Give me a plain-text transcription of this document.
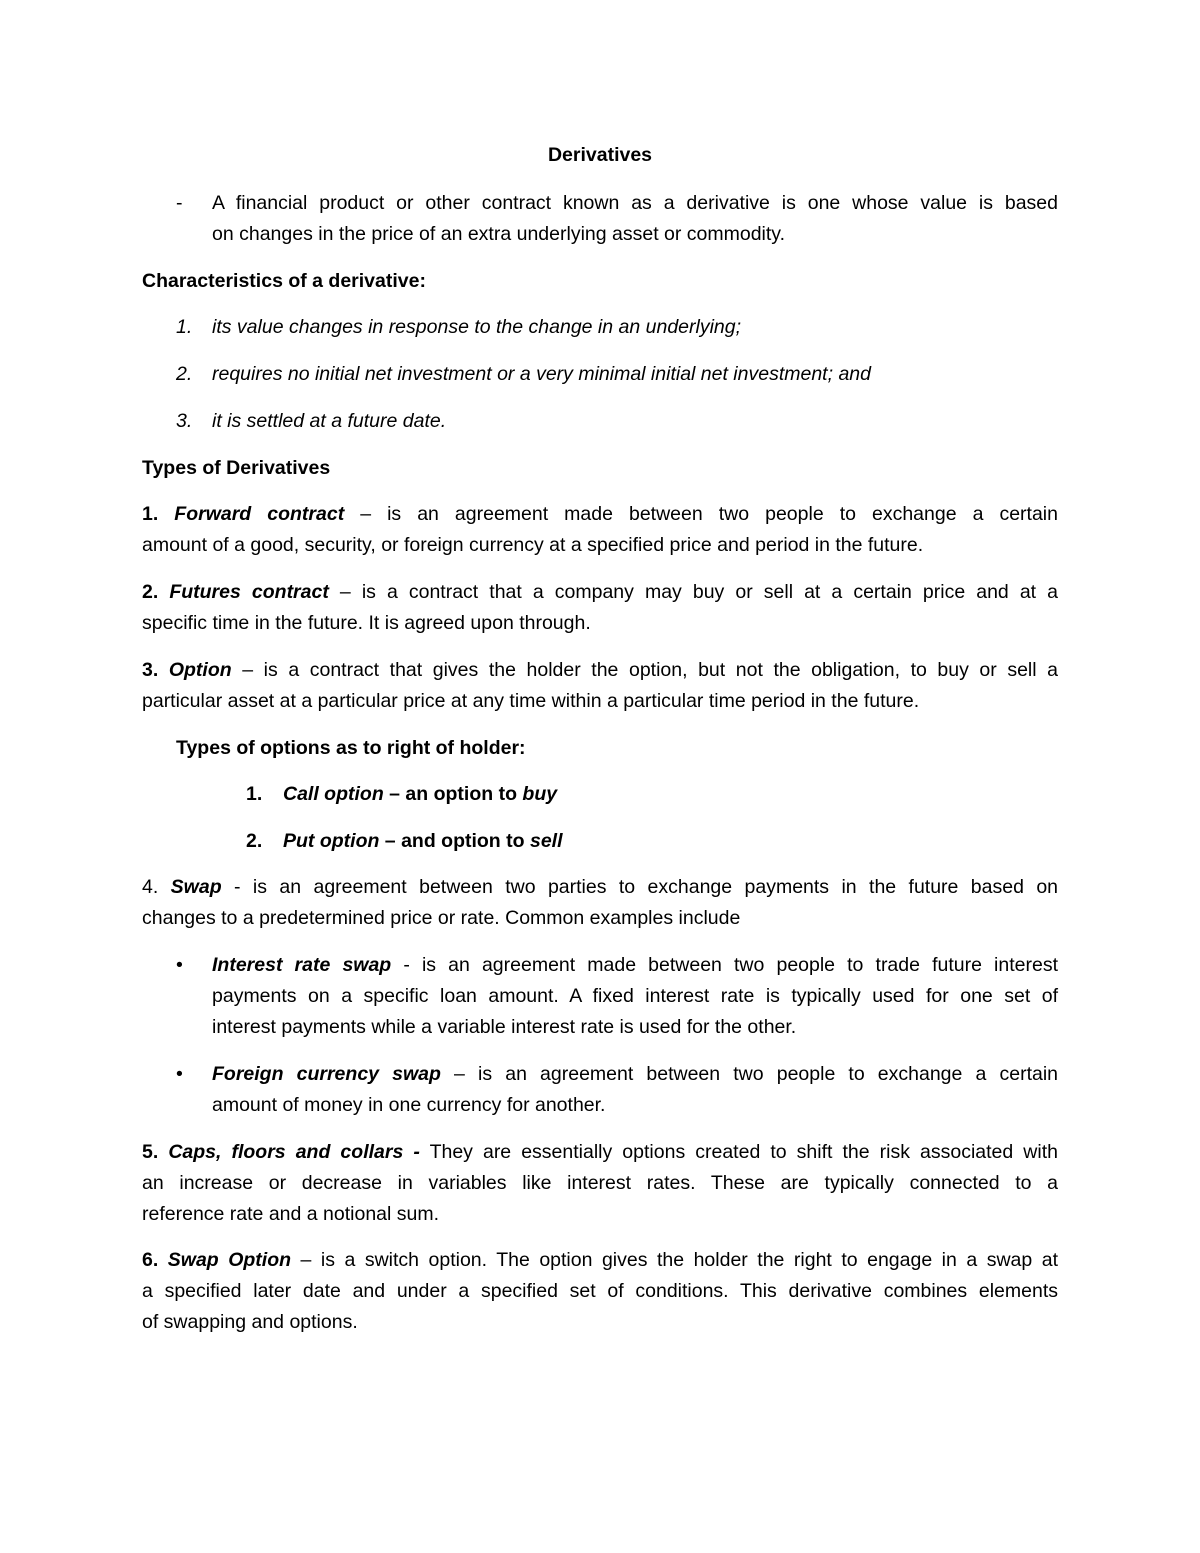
Derivatives
- A financial product or other contract known as a derivative is one whose value is based
on changes in the price of an extra underlying asset or commodity.
Characteristics of a derivative:
1. its value changes in response to the change in an underlying;
2. requires no initial net investment or a very minimal initial net investment; and
3. it is settled at a future date.
Types of Derivatives
1. Forward contract – is an agreement made between two people to exchange a certain
amount of a good, security, or foreign currency at a specified price and period in the future.
2. Futures contract – is a contract that a company may buy or sell at a certain price and at a
specific time in the future. It is agreed upon through.
3. Option – is a contract that gives the holder the option, but not the obligation, to buy or sell a
particular asset at a particular price at any time within a particular time period in the future.
Types of options as to right of holder:
1. Call option – an option to buy
2. Put option – and option to sell
4. Swap - is an agreement between two parties to exchange payments in the future based on
changes to a predetermined price or rate. Common examples include
• Interest rate swap - is an agreement made between two people to trade future interest
payments on a specific loan amount. A fixed interest rate is typically used for one set of
interest payments while a variable interest rate is used for the other.
• Foreign currency swap – is an agreement between two people to exchange a certain
amount of money in one currency for another.
5. Caps, floors and collars - They are essentially options created to shift the risk associated with
an increase or decrease in variables like interest rates. These are typically connected to a
reference rate and a notional sum.
6. Swap Option – is a switch option. The option gives the holder the right to engage in a swap at
a specified later date and under a specified set of conditions. This derivative combines elements
of swapping and options.
